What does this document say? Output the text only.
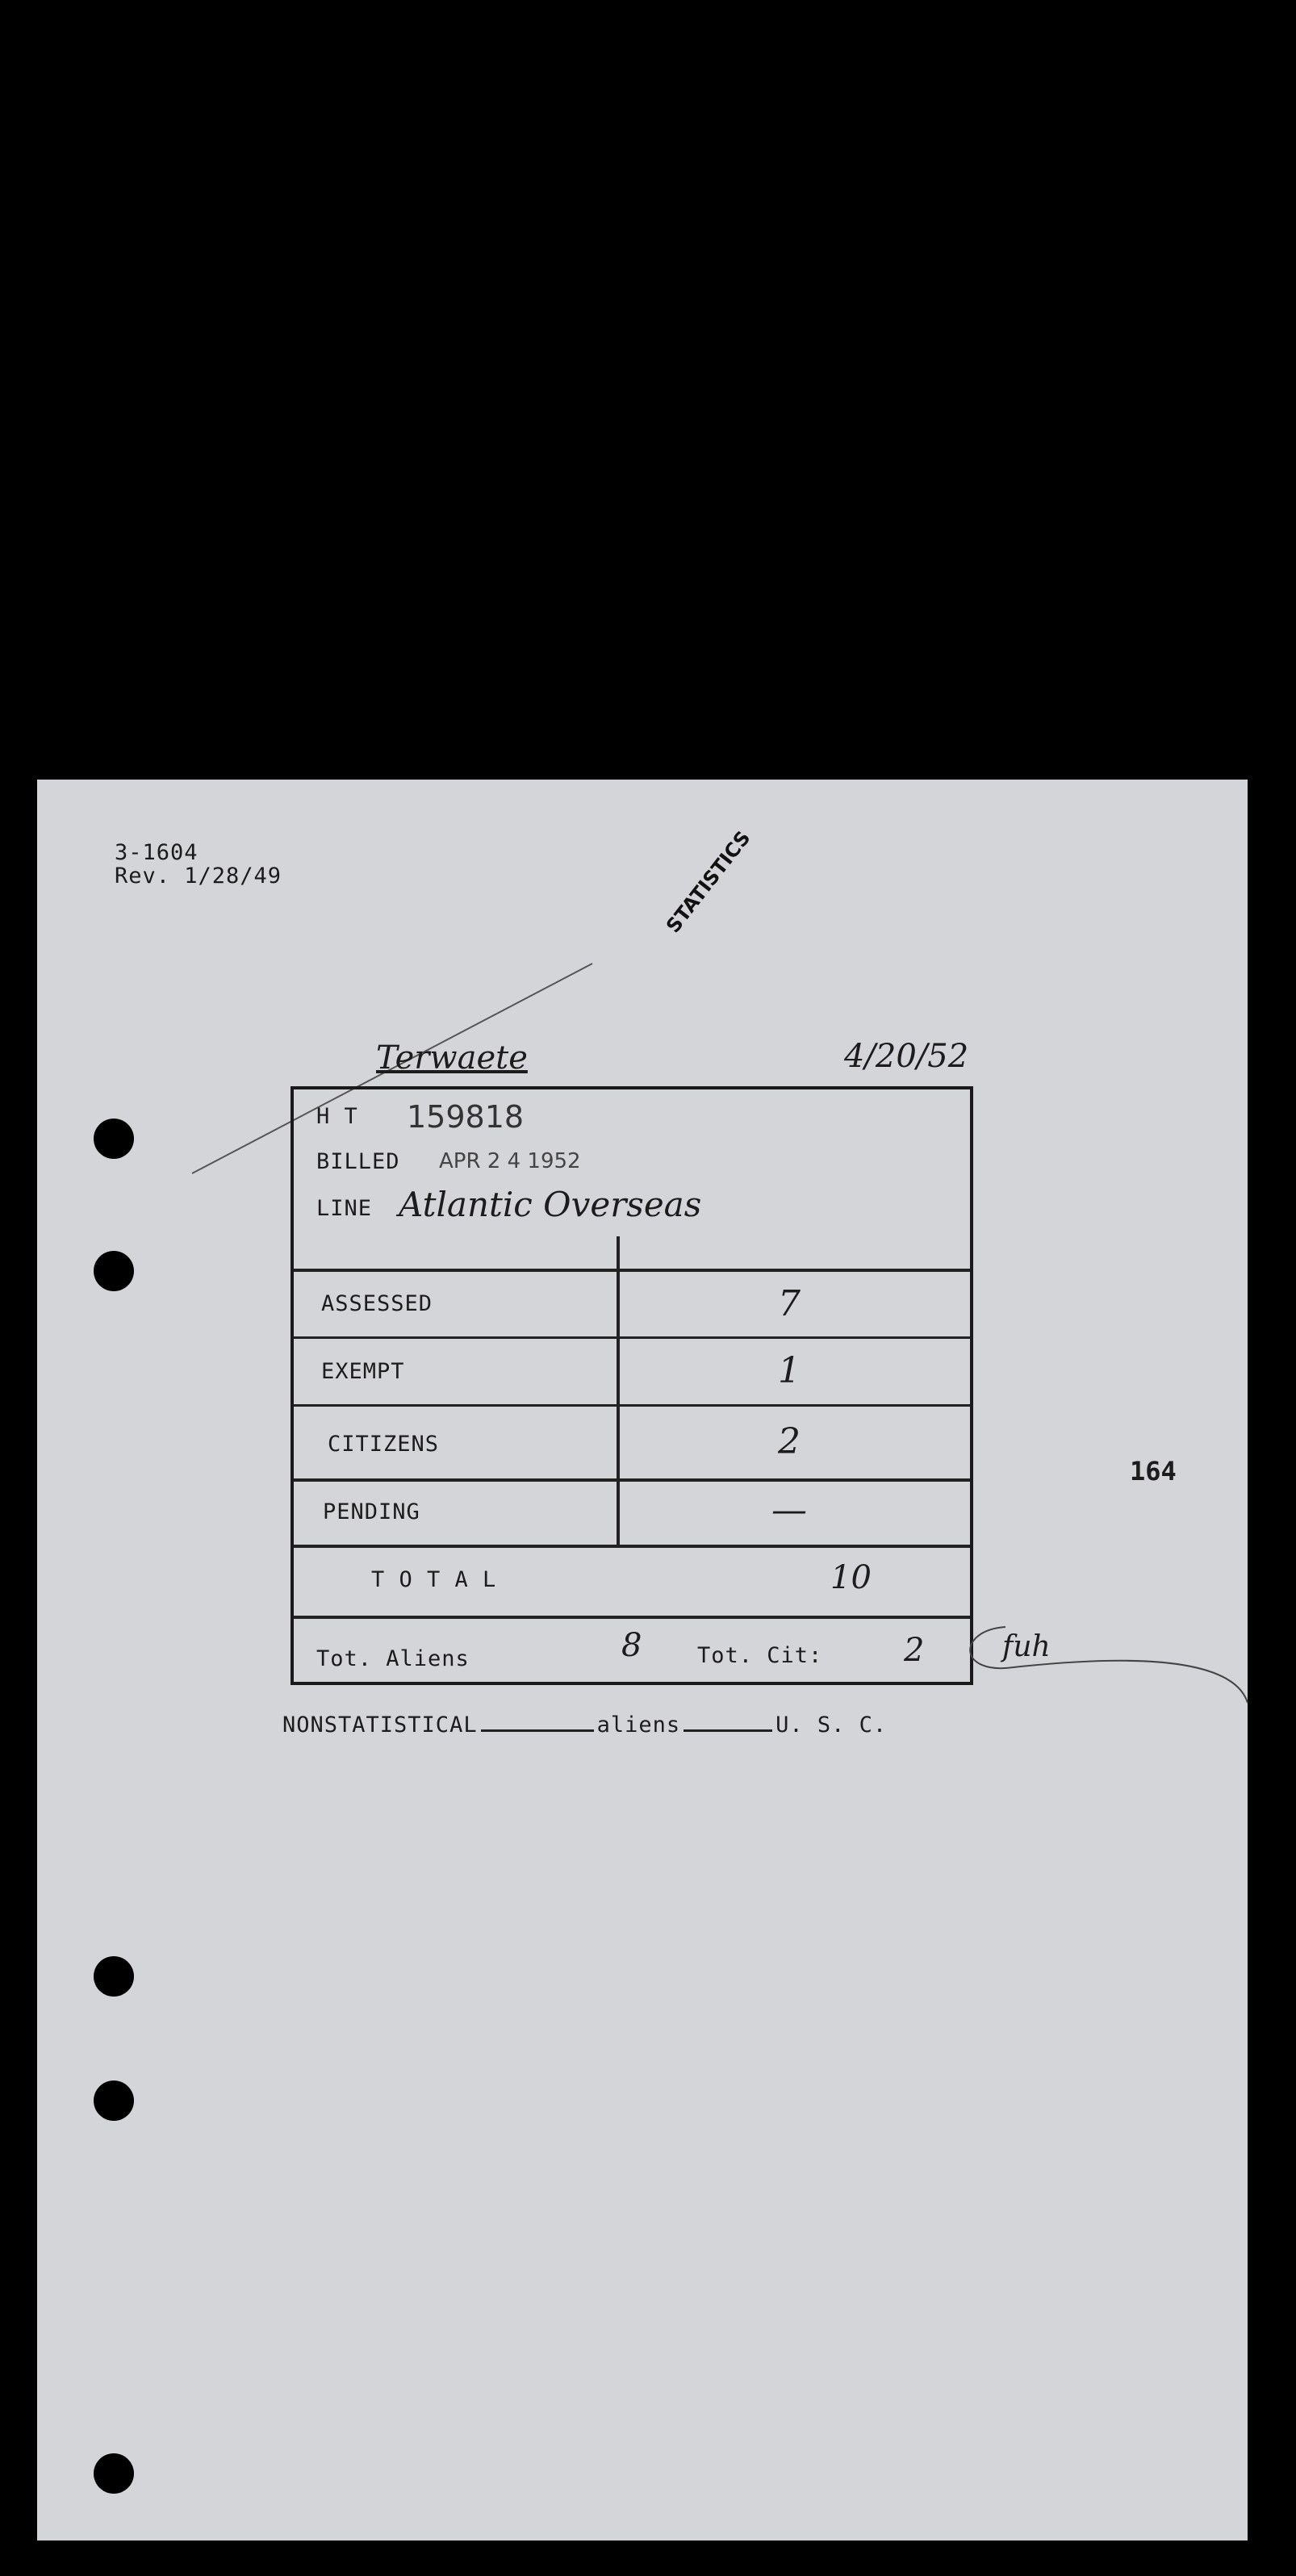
3-1604
Rev. 1/28/49	STATISTICS
Terwaete	4/20/52
H T 159818
BILLED APR 2 4 1952
LINE Atlantic Overseas
ASSESSED	7
EXEMPT	1
CITIZENS	2
PENDING	—
T O T A L	10
Tot. Aliens	8	Tot. Cit:	2	fuh
164
NONSTATISTICAL	aliens	U. S. C.
